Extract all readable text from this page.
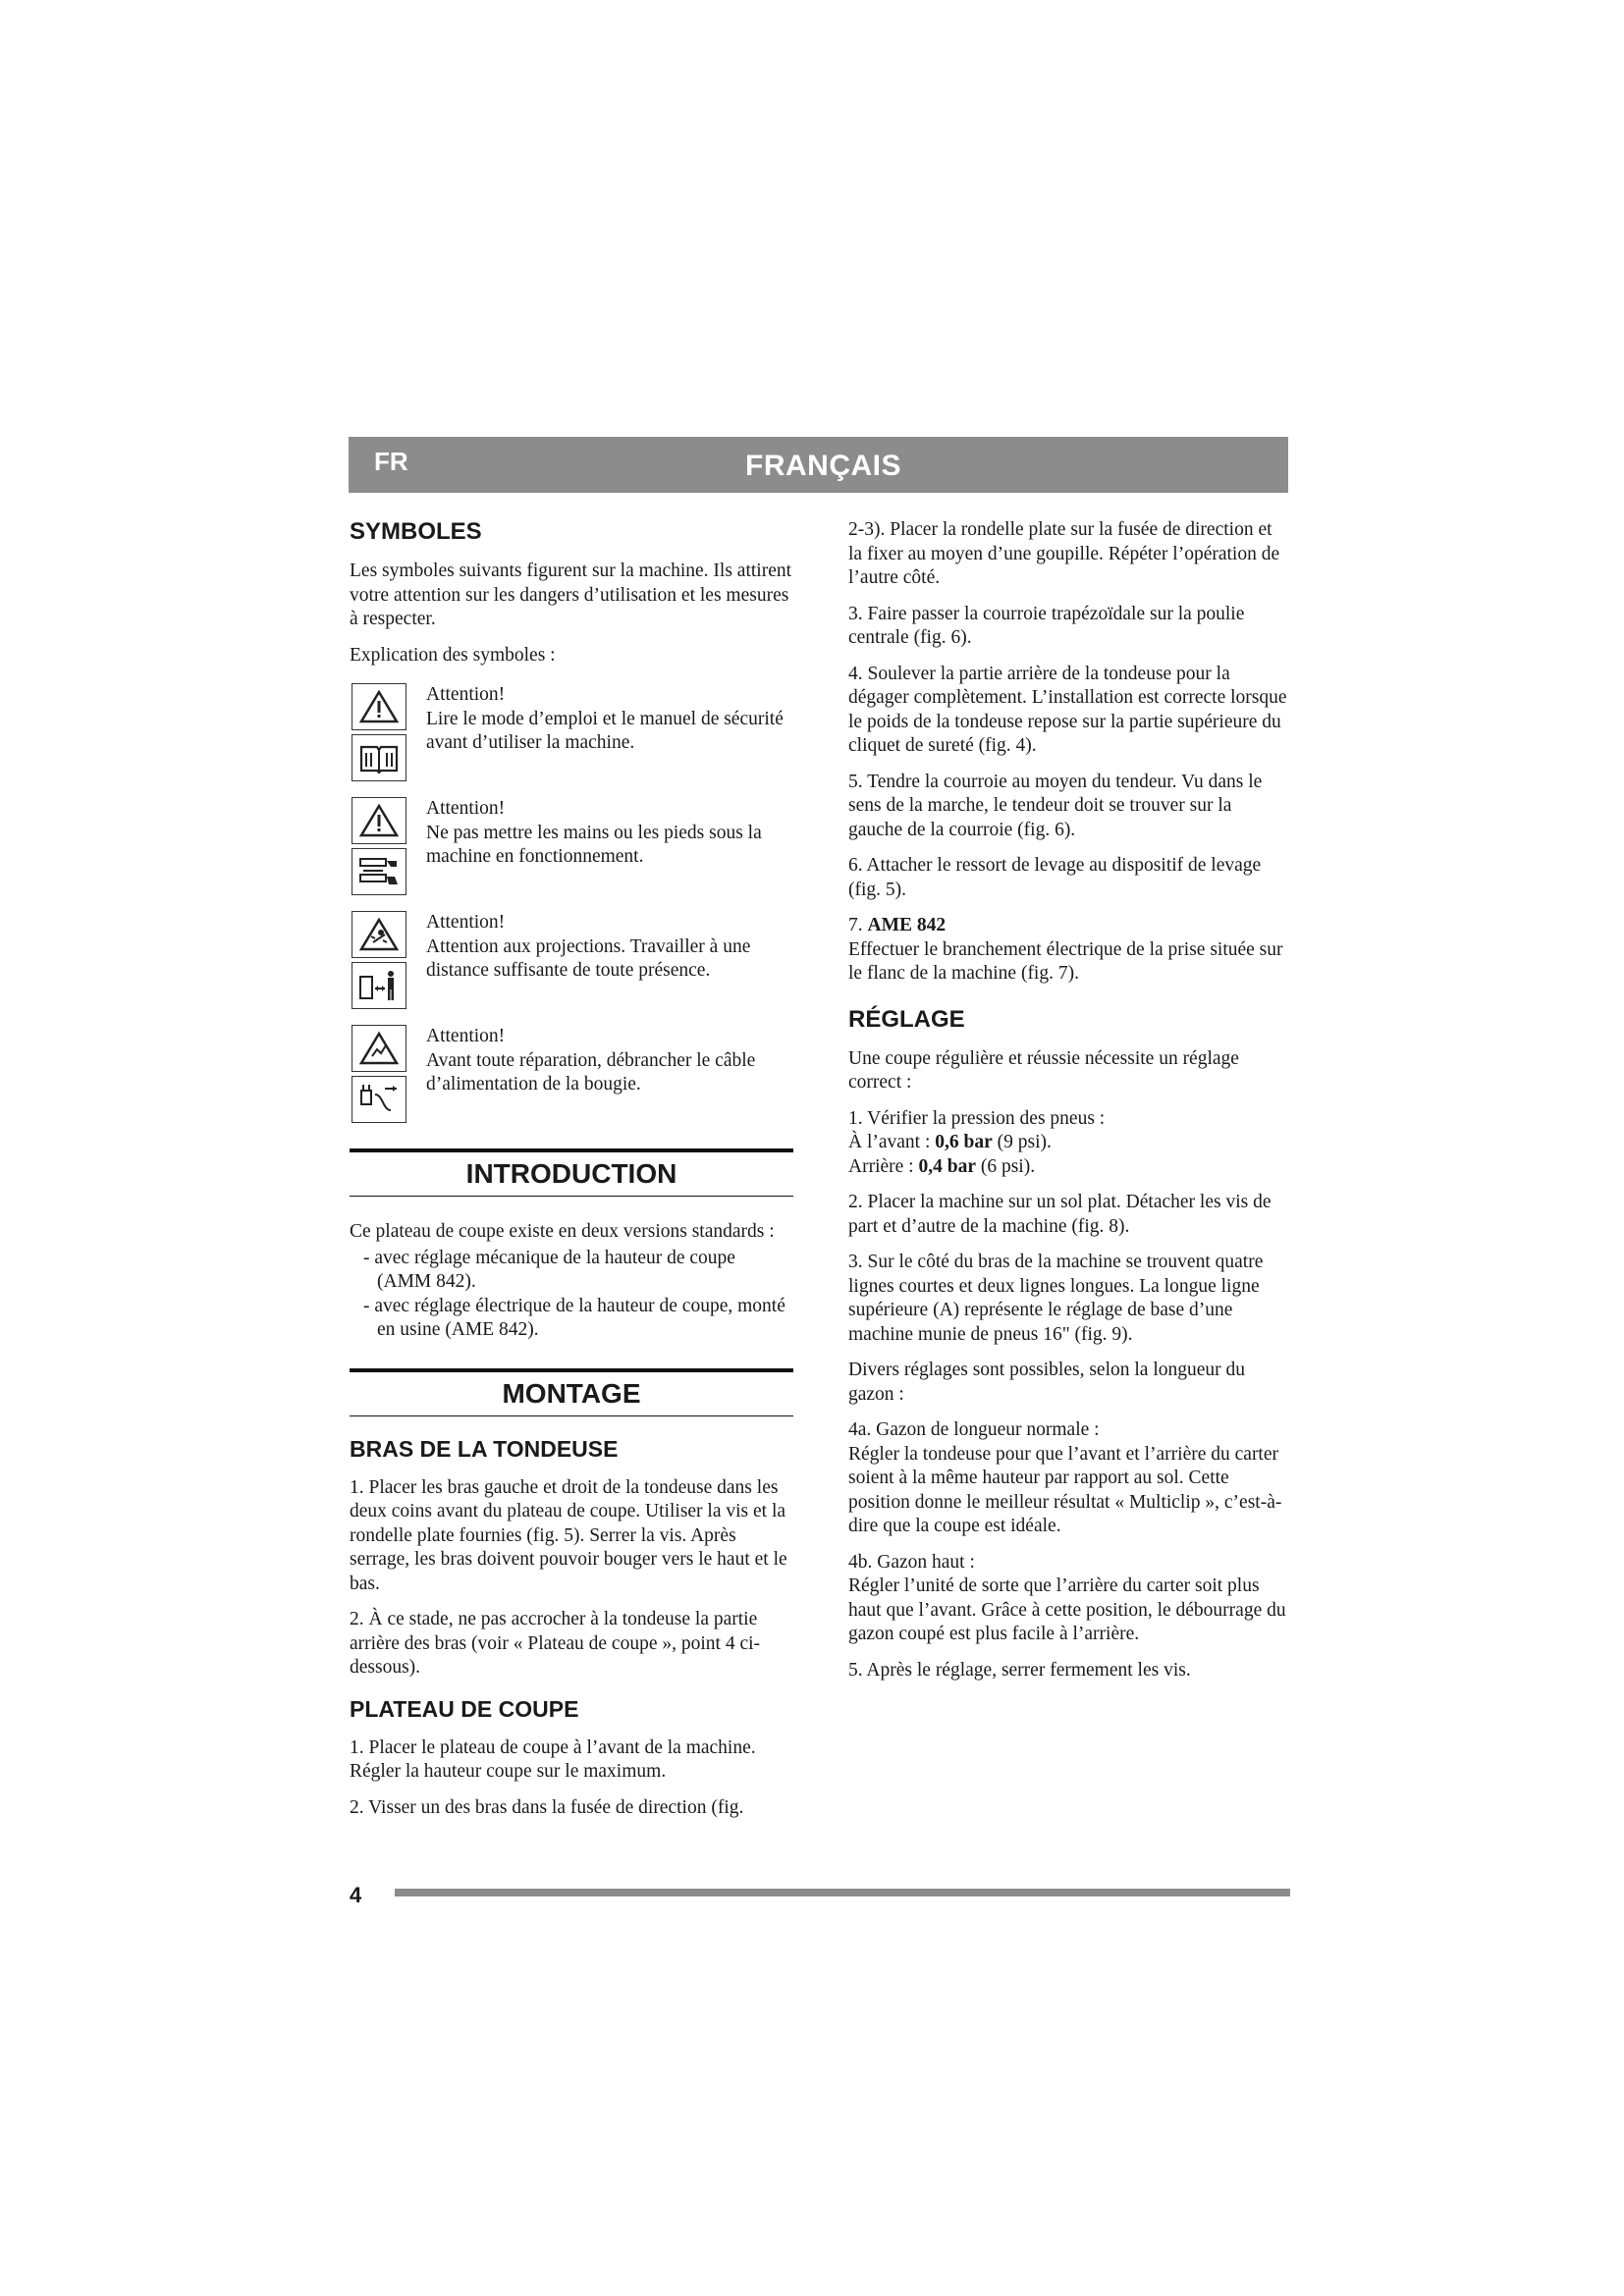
FR	FRANÇAIS
SYMBOLES

Les symboles suivants figurent sur la machine. Ils attirent votre attention sur les dangers d’utilisation et les mesures à respecter.

Explication des symboles :

Attention!
Lire le mode d’emploi et le manuel de sécurité avant d’utiliser la machine.
Attention!
Ne pas mettre les mains ou les pieds sous la machine en fonctionnement.
Attention!
Attention aux projections. Travailler à une distance suffisante de toute présence.
Attention!
Avant toute réparation, débrancher le câble d’alimentation de la bougie.
INTRODUCTION

Ce plateau de coupe existe en deux versions standards :

- avec réglage mécanique de la hauteur de coupe (AMM 842).

- avec réglage électrique de la hauteur de coupe, monté en usine (AME 842).

MONTAGE
BRAS DE LA TONDEUSE

1. Placer les bras gauche et droit de la tondeuse dans les deux coins avant du plateau de coupe. Utiliser la vis et la rondelle plate fournies (fig. 5). Serrer la vis. Après serrage, les bras doivent pouvoir bouger vers le haut et le bas.

2. À ce stade, ne pas accrocher à la tondeuse la partie arrière des bras (voir « Plateau de coupe », point 4 ci-dessous).

PLATEAU DE COUPE

1. Placer le plateau de coupe à l’avant de la machine. Régler la hauteur coupe sur le maximum.

2. Visser un des bras dans la fusée de direction (fig.

2-3). Placer la rondelle plate sur la fusée de direction et la fixer au moyen d’une goupille. Répéter l’opération de l’autre côté.

3. Faire passer la courroie trapézoïdale sur la poulie centrale (fig. 6).

4. Soulever la partie arrière de la tondeuse pour la dégager complètement. L’installation est correcte lorsque le poids de la tondeuse repose sur la partie supérieure du cliquet de sureté (fig. 4).

5. Tendre la courroie au moyen du tendeur. Vu dans le sens de la marche, le tendeur doit se trouver sur la gauche de la courroie (fig. 6).

6. Attacher le ressort de levage au dispositif de levage (fig. 5).

7. AME 842
Effectuer le branchement électrique de la prise située sur le flanc de la machine (fig. 7).

RÉGLAGE

Une coupe régulière et réussie nécessite un réglage correct :

1. Vérifier la pression des pneus :
À l’avant : 0,6 bar (9 psi).
Arrière : 0,4 bar (6 psi).

2. Placer la machine sur un sol plat. Détacher les vis de part et d’autre de la machine (fig. 8).

3. Sur le côté du bras de la machine se trouvent quatre lignes courtes et deux lignes longues. La longue ligne supérieure (A) représente le réglage de base d’une machine munie de pneus 16" (fig. 9).

Divers réglages sont possibles, selon la longueur du gazon :

4a. Gazon de longueur normale :
Régler la tondeuse pour que l’avant et l’arrière du carter soient à la même hauteur par rapport au sol. Cette position donne le meilleur résultat « Multiclip », c’est-à-dire que la coupe est idéale.

4b. Gazon haut :
Régler l’unité de sorte que l’arrière du carter soit plus haut que l’avant. Grâce à cette position, le débourrage du gazon coupé est plus facile à l’arrière.

5. Après le réglage, serrer fermement les vis.

4
